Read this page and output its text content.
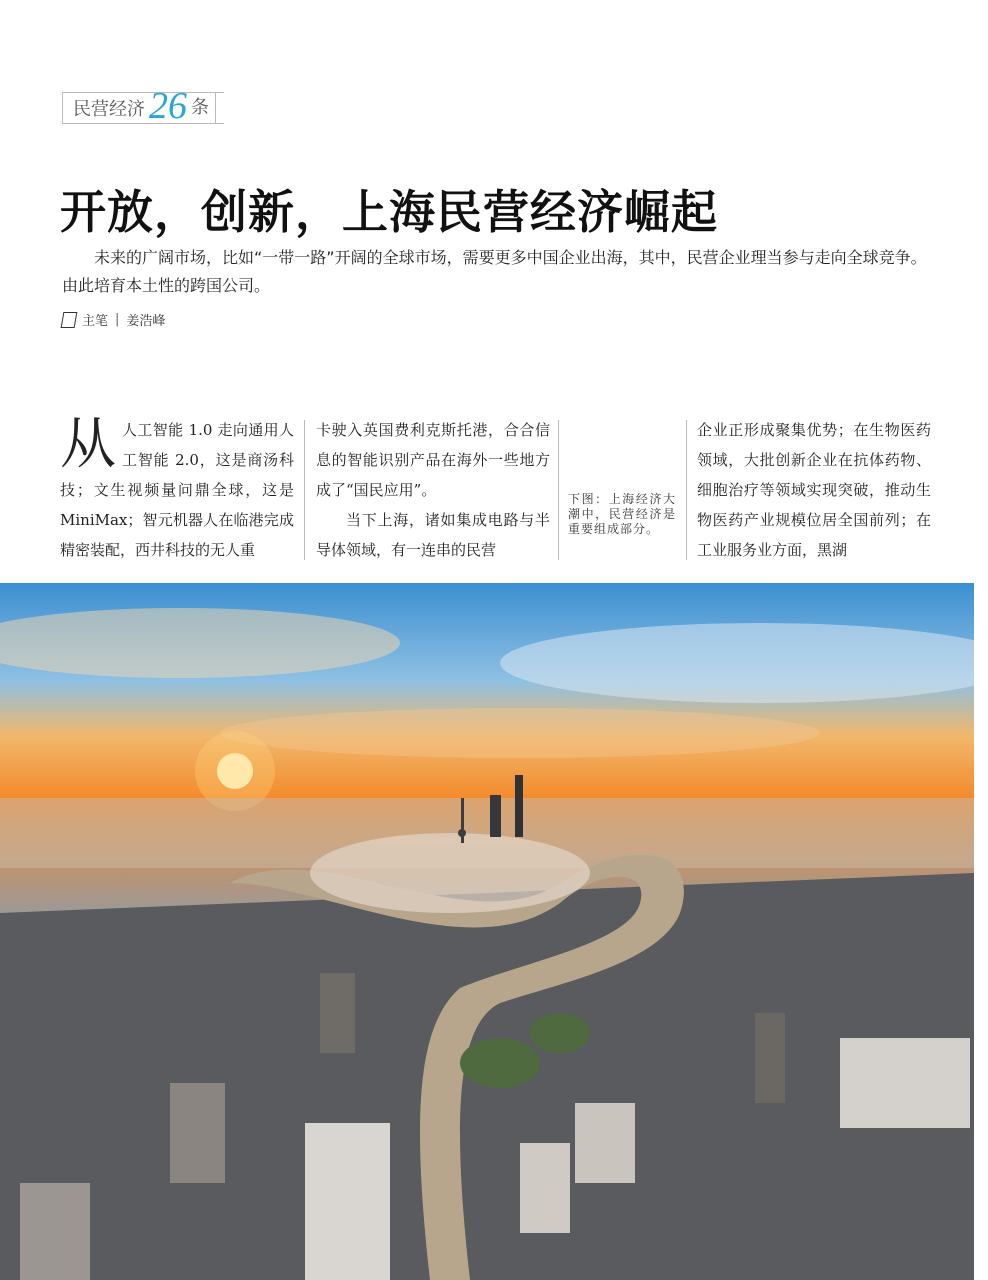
民营经济 26 条
开放，创新，上海民营经济崛起

未来的广阔市场，比如“一带一路”开阔的全球市场，需要更多中国企业出海，其中，民营企业理当参与走向全球竞争。由此培育本土性的跨国公司。

主笔 | 姜浩峰
从 人工智能 1.0 走向通用人工智能 2.0，这是商汤科技；文生视频量问鼎全球，这是 MiniMax；智元机器人在临港完成精密装配，西井科技的无人重

卡驶入英国费利克斯托港，合合信息的智能识别产品在海外一些地方成了“国民应用”。

当下上海，诸如集成电路与半导体领域，有一连串的民营

下图：上海经济大潮中，民营经济是重要组成部分。

企业正形成聚集优势；在生物医药领域，大批创新企业在抗体药物、细胞治疗等领域实现突破，推动生物医药产业规模位居全国前列；在工业服务业方面，黑湖
